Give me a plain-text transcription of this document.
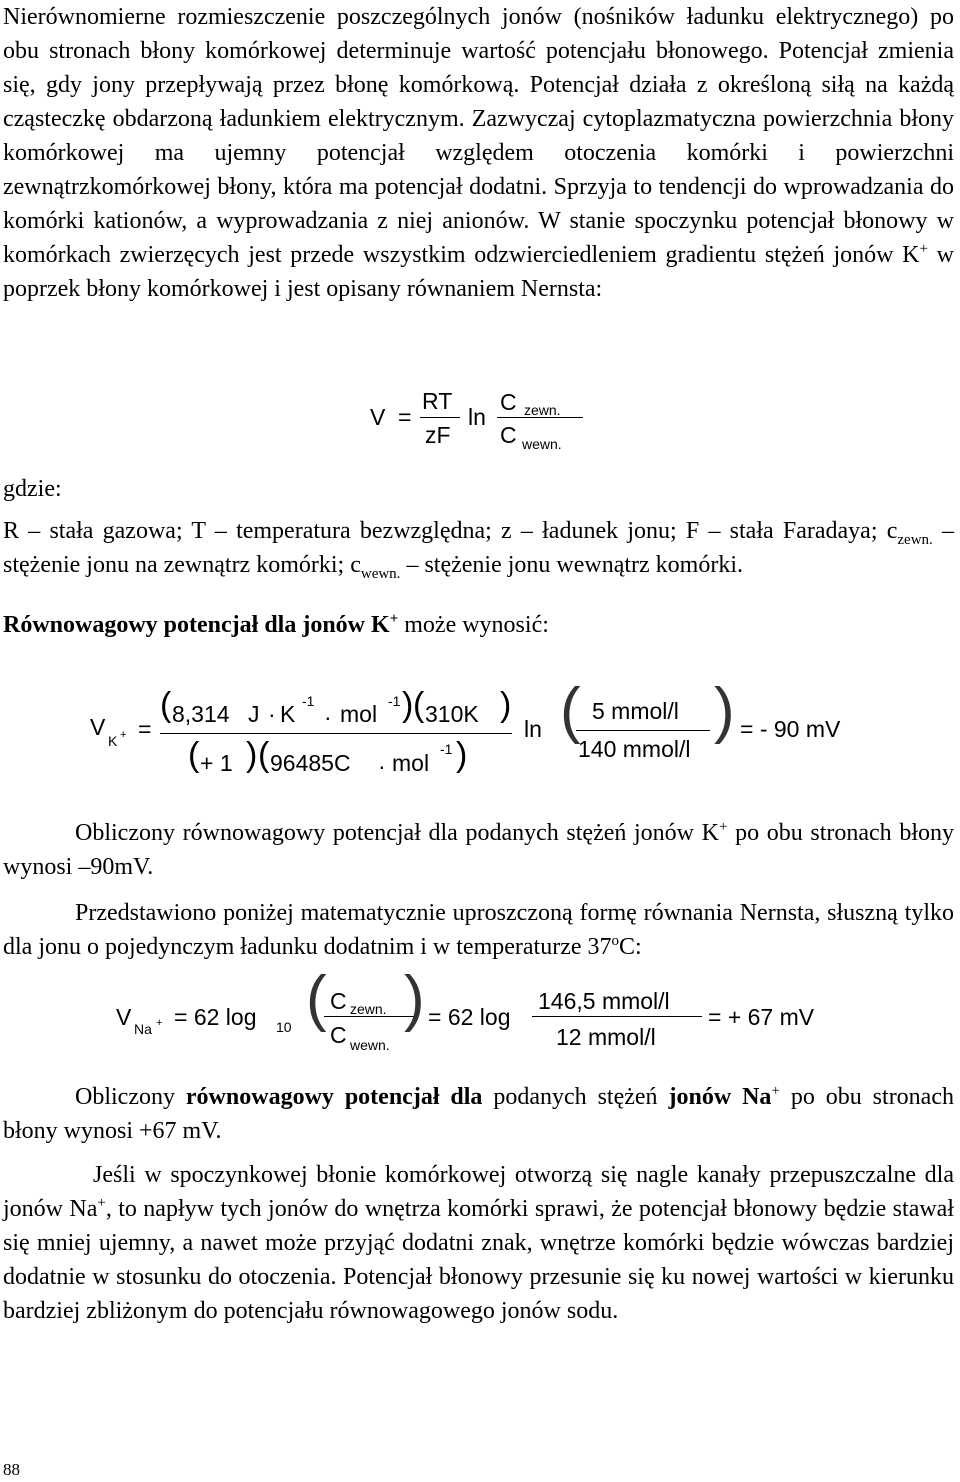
Nierównomierne rozmieszczenie poszczególnych jonów (nośników ładunku elektrycznego) po obu stronach błony komórkowej determinuje wartość potencjału błonowego. Potencjał zmienia się, gdy jony przepływają przez błonę komórkową. Potencjał działa z określoną siłą na każdą cząsteczkę obdarzoną ładunkiem elektrycznym. Zazwyczaj cytoplazmatyczna powierzchnia błony komórkowej ma ujemny potencjał względem otoczenia komórki i powierzchni zewnątrzkomórkowej błony, która ma potencjał dodatni. Sprzyja to tendencji do wprowadzania do komórki kationów, a wyprowadzania z niej anionów. W stanie spoczynku potencjał błonowy w komórkach zwierzęcych jest przede wszystkim odzwierciedleniem gradientu stężeń jonów K+ w poprzek błony komórkowej i jest opisany równaniem Nernsta:

V =
RT
zF
ln
C zewn.
C wewn.
gdzie:

R – stała gazowa; T – temperatura bezwzględna; z – ładunek jonu; F – stała Faradaya; $c_{zewn.}$ – stężenie jonu na zewnątrz komórki; $c_{wewn.}$ – stężenie jonu wewnątrz komórki.

Równowagowy potencjał dla jonów K+ może wynosić:
V
K + =
( 8,314 J · K -1
· mol -1 ) ( 310K )
( + 1 ) ( 96485C · mol
-1 )
ln ( 5 mmol/l
140 mmol/l
) = - 90 mV

Obliczony równowagowy potencjał dla podanych stężeń jonów K+ po obu stronach błony wynosi –90mV.

Przedstawiono poniżej matematycznie uproszczoną formę równania Nernsta, słuszną tylko dla jonu o pojedynczym ładunku dodatnim i w temperaturze 37$^o$C:

V Na + = 62 log 10 ( C zewn.
C wewn.
) = 62 log
146,5 mmol/l
12 mmol/l
= + 67 mV

Obliczony równowagowy potencjał dla podanych stężeń jonów Na+ po obu stronach błony wynosi +67 mV.

Jeśli w spoczynkowej błonie komórkowej otworzą się nagle kanały przepuszczalne dla jonów Na+, to napływ tych jonów do wnętrza komórki sprawi, że potencjał błonowy będzie stawał się mniej ujemny, a nawet może przyjąć dodatni znak, wnętrze komórki będzie wówczas bardziej dodatnie w stosunku do otoczenia. Potencjał błonowy przesunie się ku nowej wartości w kierunku bardziej zbliżonym do potencjału równowagowego jonów sodu.

88
